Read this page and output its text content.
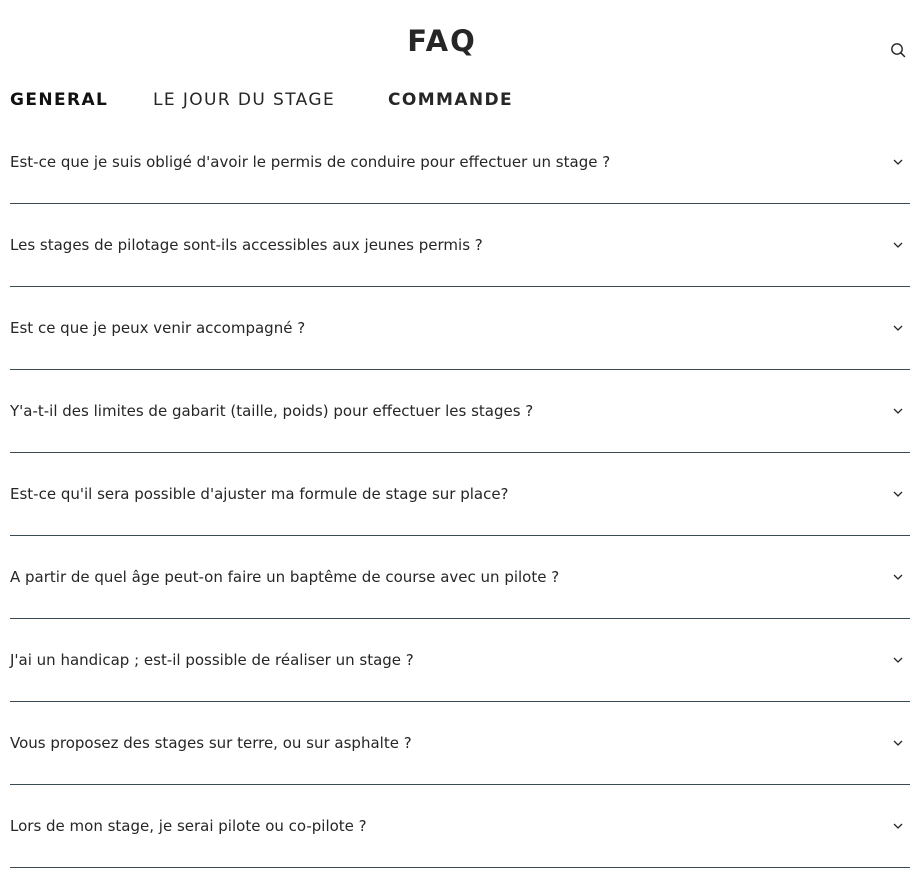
FAQ
GENERAL	LE JOUR DU STAGE	COMMANDE
Est-ce que je suis obligé d'avoir le permis de conduire pour effectuer un stage ?
Les stages de pilotage sont-ils accessibles aux jeunes permis ?
Est ce que je peux venir accompagné ?
Y'a-t-il des limites de gabarit (taille, poids) pour effectuer les stages ?
Est-ce qu'il sera possible d'ajuster ma formule de stage sur place?
A partir de quel âge peut-on faire un baptême de course avec un pilote ?
J'ai un handicap ; est-il possible de réaliser un stage ?
Vous proposez des stages sur terre, ou sur asphalte ?
Lors de mon stage, je serai pilote ou co-pilote ?
